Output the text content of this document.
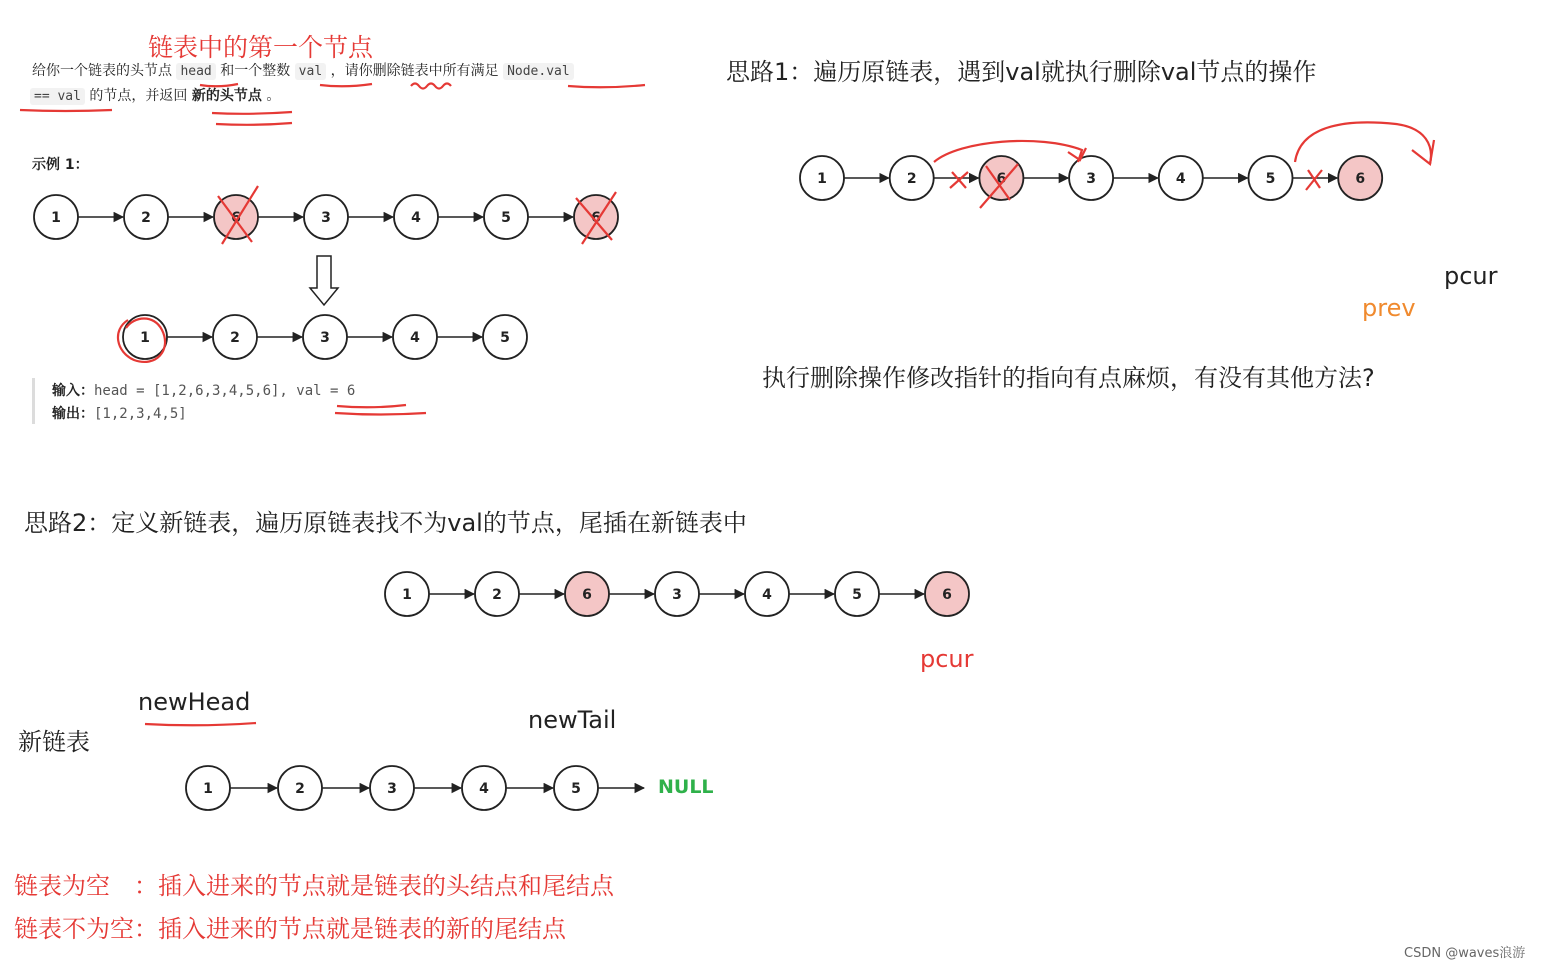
1	2	6	3	4	5	6
1	2	3	4	5
1	2	6	3	4	5	6
1	2	6	3	4	5	6
1	2	3	4	5
链表中的第一个节点
给你一个链表的头节点 head 和一个整数 val ，请你删除链表中所有满足 Node.val
== val 的节点，并返回 新的头节点 。
示例 1：
输入：head = [1,2,6,3,4,5,6], val = 6
输出：[1,2,3,4,5]
思路1：遍历原链表，遇到val就执行删除val节点的操作
pcur
prev
执行删除操作修改指针的指向有点麻烦，有没有其他方法?
思路2：定义新链表，遍历原链表找不为val的节点，尾插在新链表中
pcur
newHead
newTail
新链表
NULL
链表为空　：插入进来的节点就是链表的头结点和尾结点
链表不为空：插入进来的节点就是链表的新的尾结点
CSDN @waves浪游
